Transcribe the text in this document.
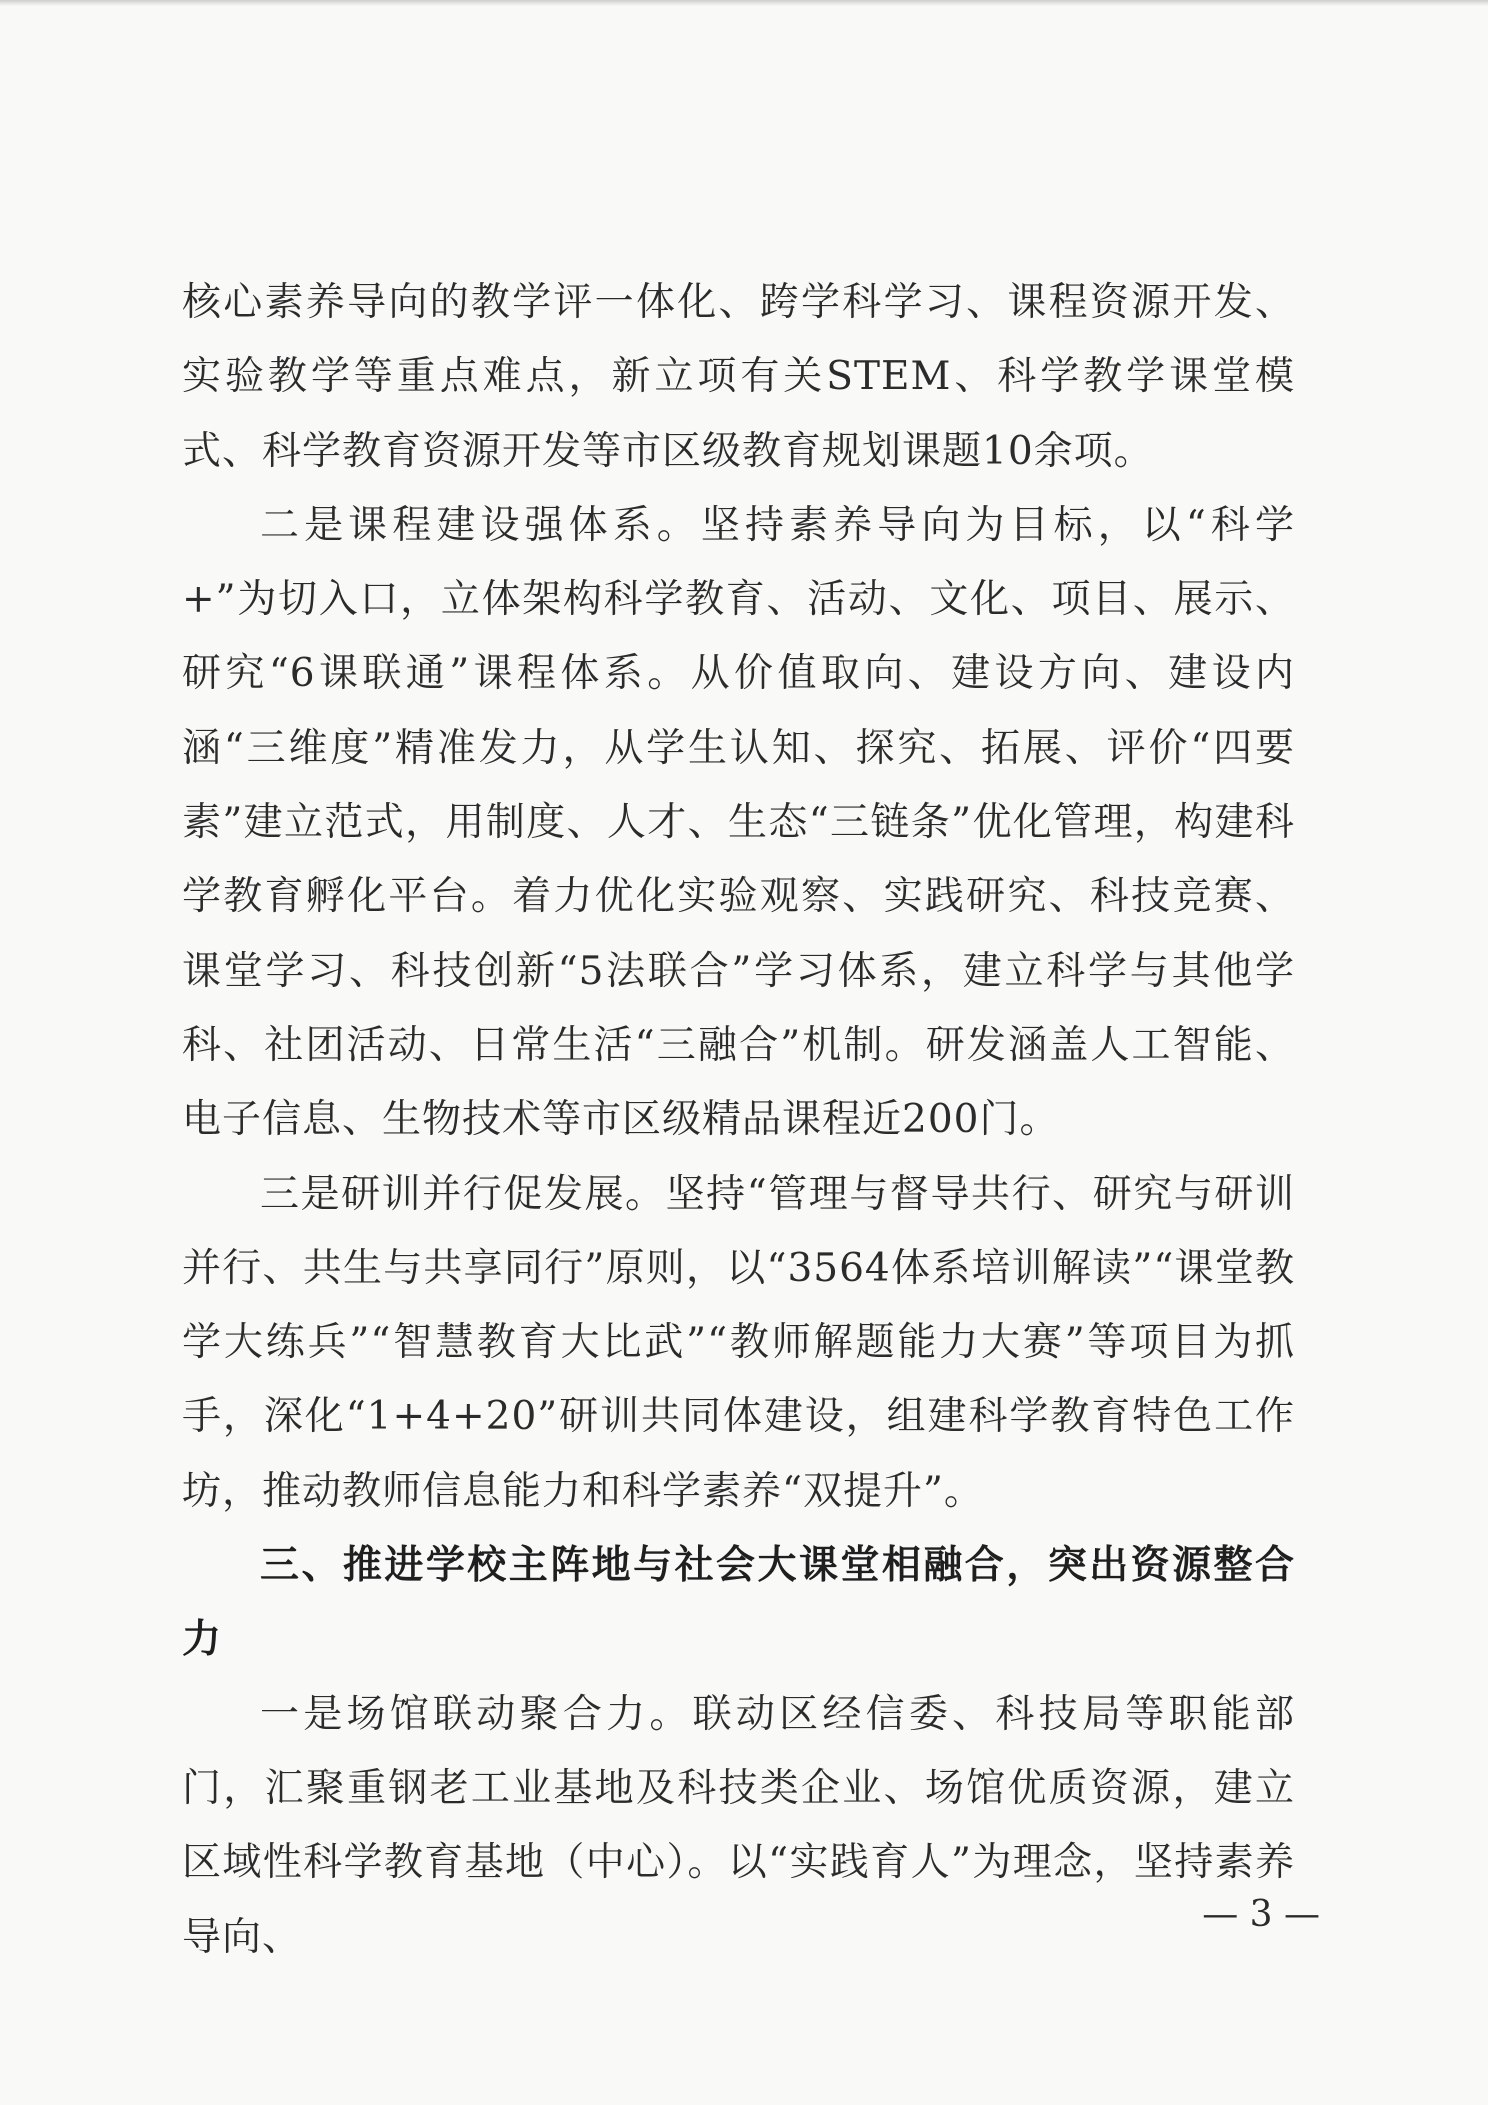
核心素养导向的教学评一体化、跨学科学习、课程资源开发、实验教学等重点难点，新立项有关STEM、科学教学课堂模式、科学教育资源开发等市区级教育规划课题10余项。

二是课程建设强体系。坚持素养导向为目标，以“科学+”为切入口，立体架构科学教育、活动、文化、项目、展示、研究“6课联通”课程体系。从价值取向、建设方向、建设内涵“三维度”精准发力，从学生认知、探究、拓展、评价“四要素”建立范式，用制度、人才、生态“三链条”优化管理，构建科学教育孵化平台。着力优化实验观察、实践研究、科技竞赛、课堂学习、科技创新“5法联合”学习体系，建立科学与其他学科、社团活动、日常生活“三融合”机制。研发涵盖人工智能、电子信息、生物技术等市区级精品课程近200门。

三是研训并行促发展。坚持“管理与督导共行、研究与研训并行、共生与共享同行”原则，以“3564体系培训解读”“课堂教学大练兵”“智慧教育大比武”“教师解题能力大赛”等项目为抓手，深化“1+4+20”研训共同体建设，组建科学教育特色工作坊，推动教师信息能力和科学素养“双提升”。

三、推进学校主阵地与社会大课堂相融合，突出资源整合力

一是场馆联动聚合力。联动区经信委、科技局等职能部门，汇聚重钢老工业基地及科技类企业、场馆优质资源，建立区域性科学教育基地（中心）。以“实践育人”为理念，坚持素养导向、

— 3 —
